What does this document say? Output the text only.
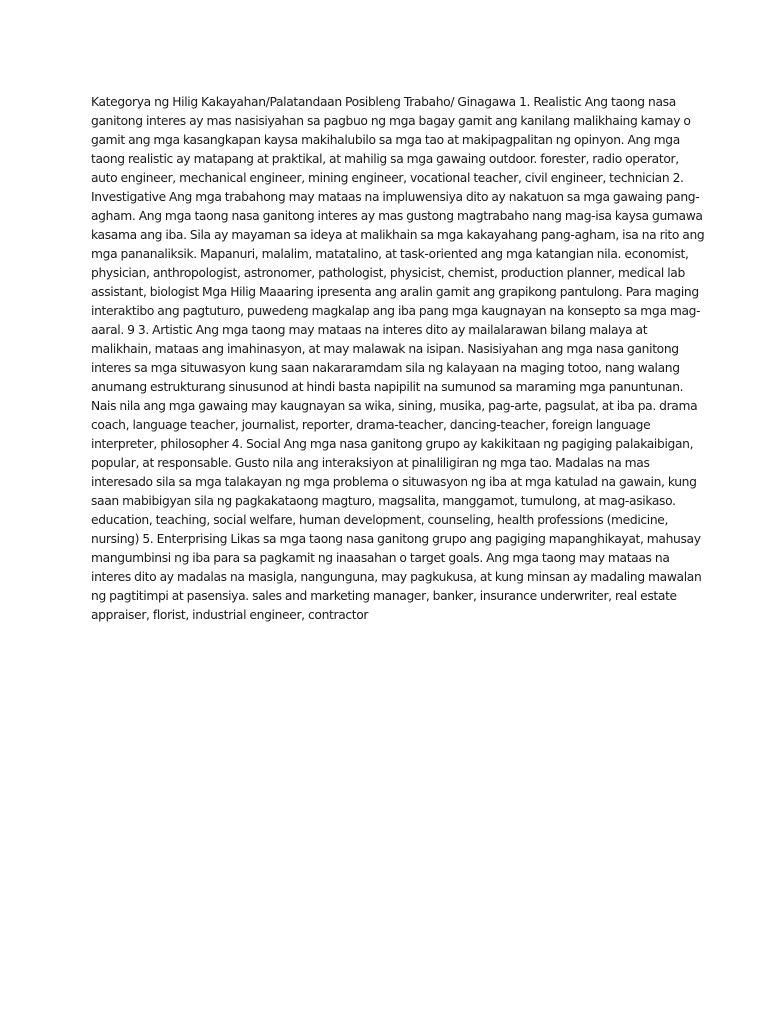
Kategorya ng Hilig Kakayahan/Palatandaan Posibleng Trabaho/ Ginagawa 1. Realistic Ang taong nasa
ganitong interes ay mas nasisiyahan sa pagbuo ng mga bagay gamit ang kanilang malikhaing kamay o
gamit ang mga kasangkapan kaysa makihalubilo sa mga tao at makipagpalitan ng opinyon. Ang mga
taong realistic ay matapang at praktikal, at mahilig sa mga gawaing outdoor. forester, radio operator,
auto engineer, mechanical engineer, mining engineer, vocational teacher, civil engineer, technician 2.
Investigative Ang mga trabahong may mataas na impluwensiya dito ay nakatuon sa mga gawaing pang-
agham. Ang mga taong nasa ganitong interes ay mas gustong magtrabaho nang mag-isa kaysa gumawa
kasama ang iba. Sila ay mayaman sa ideya at malikhain sa mga kakayahang pang-agham, isa na rito ang
mga pananaliksik. Mapanuri, malalim, matatalino, at task-oriented ang mga katangian nila. economist,
physician, anthropologist, astronomer, pathologist, physicist, chemist, production planner, medical lab
assistant, biologist Mga Hilig Maaaring ipresenta ang aralin gamit ang grapikong pantulong. Para maging
interaktibo ang pagtuturo, puwedeng magkalap ang iba pang mga kaugnayan na konsepto sa mga mag-
aaral. 9 3. Artistic Ang mga taong may mataas na interes dito ay mailalarawan bilang malaya at
malikhain, mataas ang imahinasyon, at may malawak na isipan. Nasisiyahan ang mga nasa ganitong
interes sa mga situwasyon kung saan nakararamdam sila ng kalayaan na maging totoo, nang walang
anumang estrukturang sinusunod at hindi basta napipilit na sumunod sa maraming mga panuntunan.
Nais nila ang mga gawaing may kaugnayan sa wika, sining, musika, pag-arte, pagsulat, at iba pa. drama
coach, language teacher, journalist, reporter, drama-teacher, dancing-teacher, foreign language
interpreter, philosopher 4. Social Ang mga nasa ganitong grupo ay kakikitaan ng pagiging palakaibigan,
popular, at responsable. Gusto nila ang interaksiyon at pinaliligiran ng mga tao. Madalas na mas
interesado sila sa mga talakayan ng mga problema o situwasyon ng iba at mga katulad na gawain, kung
saan mabibigyan sila ng pagkakataong magturo, magsalita, manggamot, tumulong, at mag-asikaso.
education, teaching, social welfare, human development, counseling, health professions (medicine,
nursing) 5. Enterprising Likas sa mga taong nasa ganitong grupo ang pagiging mapanghikayat, mahusay
mangumbinsi ng iba para sa pagkamit ng inaasahan o target goals. Ang mga taong may mataas na
interes dito ay madalas na masigla, nangunguna, may pagkukusa, at kung minsan ay madaling mawalan
ng pagtitimpi at pasensiya. sales and marketing manager, banker, insurance underwriter, real estate
appraiser, florist, industrial engineer, contractor
